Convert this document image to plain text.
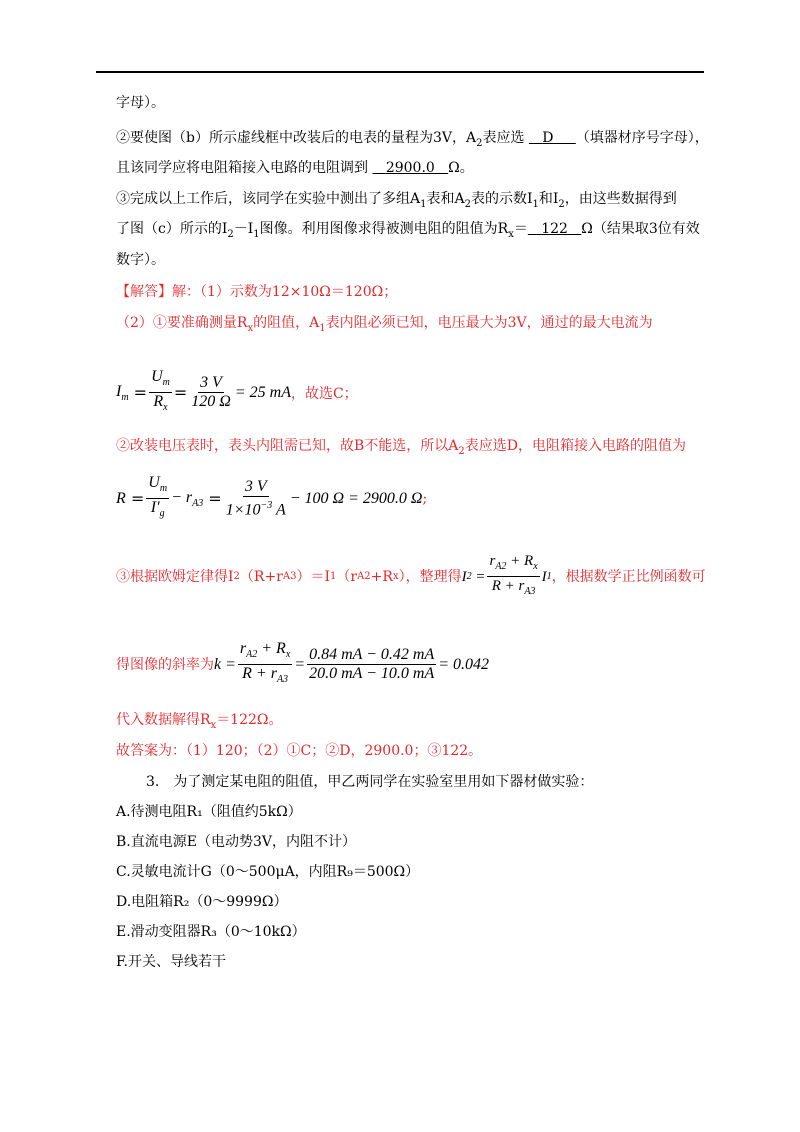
字母）。
②要使图（b）所示虚线框中改装后的电表的量程为3V，$A_2$表应选 D （填器材序号字母），
且该同学应将电阻箱接入电路的电阻调到 2900.0 Ω。
③完成以上工作后，该同学在实验中测出了多组$A_1$表和$A_2$表的示数$I_1$和$I_2$，由这些数据得到
了图（c）所示的$I_2-I_1$图像。利用图像求得被测电阻的阻值为$R_x= 122$ Ω（结果取3位有效
数字）。
【解答】解：（1）示数为12×10Ω＝120Ω；
（2）①要准确测量$R_x$的阻值，$A_1$表内阻必须已知，电压最大为3V，通过的最大电流为
$I_m = \frac{U_m}{R_x} = \frac{3 V}{120 \Omega} = 25$ mA ，故选C；
②改装电压表时，表头内阻需已知，故B不能选，所以$A_2$表应选D，电阻箱接入电路的阻值为
$R = \frac{U_m}{I'_g} - r_{A3} = \frac{3 V}{1\times 10^{-3} A} - 100$ Ω = 2900.0 Ω ;
③根据欧姆定律得I 2 （R+r A3 ）＝I 1 （r A2 +R x ），整理得 I $2 = \frac{r_{A2} + R_x}{R + r_{A3}}$ I 1 ，根据数学正比例函数可
得图像的斜率为 $k = \frac{r_{A2} + R_x}{R + r_{A3}} = \frac{0.84 mA - 0.42 mA}{20.0 mA - 10.0 mA} = 0.042$
代入数据解得$R_x=122\Omega$。
故答案为：（1）120；（2）①C；②D，2900.0；③122。
3.　为了测定某电阻的阻值，甲乙两同学在实验室里用如下器材做实验：
A.待测电阻R₁（阻值约5kΩ）
B.直流电源E（电动势3V，内阻不计）
C.灵敏电流计G（0～500μA，内阻R₉＝500Ω）
D.电阻箱R₂（0～9999Ω）
E.滑动变阻器R₃（0～10kΩ）
F.开关、导线若干
